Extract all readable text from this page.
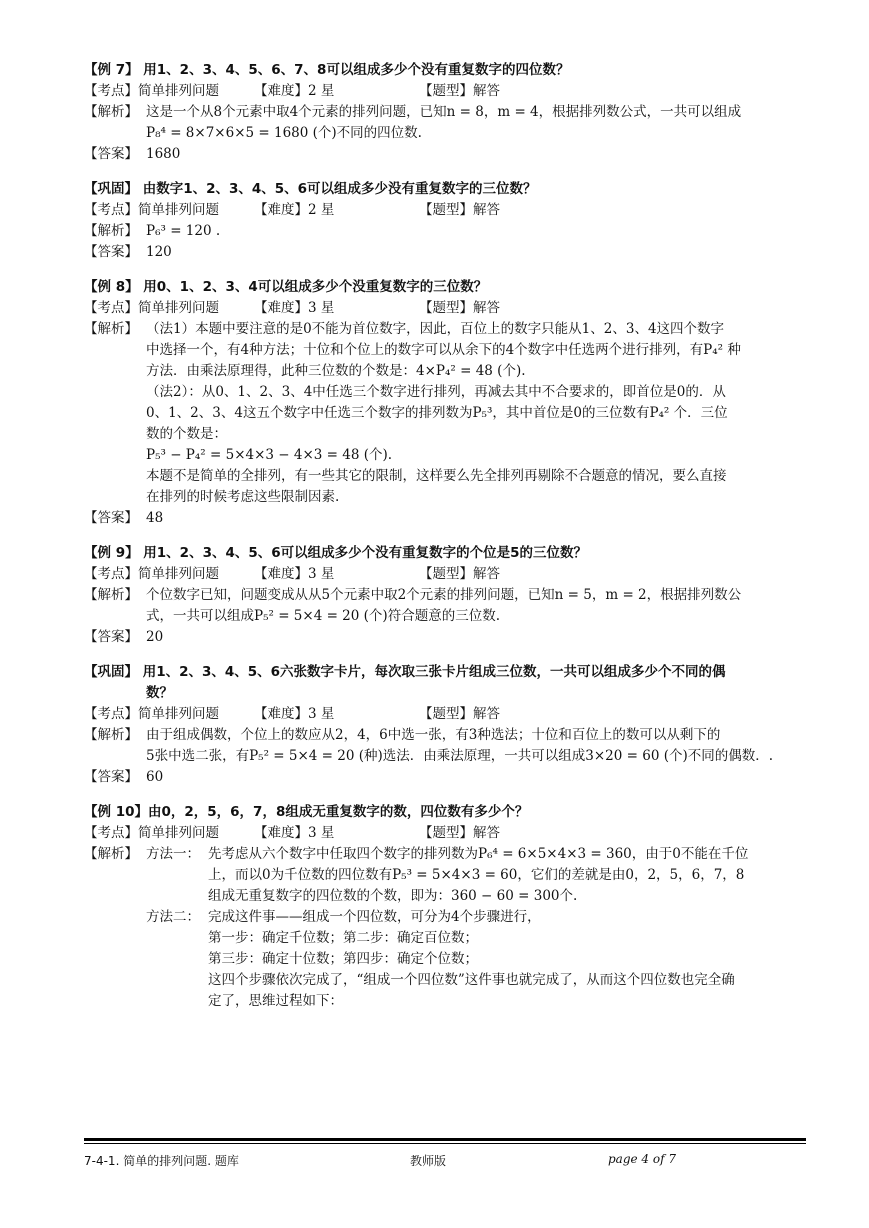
【例 7】 用1、2、3、4、5、6、7、8可以组成多少个没有重复数字的四位数？
【考点】简单排列问题	【难度】2 星	【题型】解答
【解析】 这是一个从8个元素中取4个元素的排列问题，已知n = 8，m = 4，根据排列数公式，一共可以组成
P₈⁴ = 8×7×6×5 = 1680 (个)不同的四位数.
【答案】 1680
【巩固】 由数字1、2、3、4、5、6可以组成多少没有重复数字的三位数？
【考点】简单排列问题	【难度】2 星	【题型】解答
【解析】 P₆³ = 120 .
【答案】 120
【例 8】 用0、1、2、3、4可以组成多少个没重复数字的三位数？
【考点】简单排列问题	【难度】3 星	【题型】解答
【解析】 （法1）本题中要注意的是0不能为首位数字，因此，百位上的数字只能从1、2、3、4这四个数字
中选择一个，有4种方法；十位和个位上的数字可以从余下的4个数字中任选两个进行排列，有P₄² 种
方法．由乘法原理得，此种三位数的个数是：4×P₄² = 48 (个).
（法2）：从0、1、2、3、4中任选三个数字进行排列，再减去其中不合要求的，即首位是0的．从
0、1、2、3、4这五个数字中任选三个数字的排列数为P₅³，其中首位是0的三位数有P₄² 个．三位
数的个数是：
P₅³ − P₄² = 5×4×3 − 4×3 = 48 (个).
本题不是简单的全排列，有一些其它的限制，这样要么先全排列再剔除不合题意的情况，要么直接
在排列的时候考虑这些限制因素.
【答案】 48
【例 9】 用1、2、3、4、5、6可以组成多少个没有重复数字的个位是5的三位数？
【考点】简单排列问题	【难度】3 星	【题型】解答
【解析】 个位数字已知，问题变成从从5个元素中取2个元素的排列问题，已知n = 5，m = 2，根据排列数公
式，一共可以组成P₅² = 5×4 = 20 (个)符合题意的三位数.
【答案】 20
【巩固】 用1、2、3、4、5、6六张数字卡片，每次取三张卡片组成三位数，一共可以组成多少个不同的偶
数？
【考点】简单排列问题	【难度】3 星	【题型】解答
【解析】 由于组成偶数，个位上的数应从2，4，6中选一张，有3种选法；十位和百位上的数可以从剩下的
5张中选二张，有P₅² = 5×4 = 20 (种)选法．由乘法原理，一共可以组成3×20 = 60 (个)不同的偶数．.
【答案】 60
【例 10】由0，2，5，6，7，8组成无重复数字的数，四位数有多少个？
【考点】简单排列问题	【难度】3 星	【题型】解答
【解析】 方法一： 先考虑从六个数字中任取四个数字的排列数为P₆⁴ = 6×5×4×3 = 360，由于0不能在千位
上，而以0为千位数的四位数有P₅³ = 5×4×3 = 60，它们的差就是由0，2，5，6，7，8
组成无重复数字的四位数的个数，即为：360 − 60 = 300个.
方法二： 完成这件事——组成一个四位数，可分为4个步骤进行，
第一步：确定千位数；第二步：确定百位数；
第三步：确定十位数；第四步：确定个位数；
这四个步骤依次完成了，“组成一个四位数”这件事也就完成了，从而这个四位数也完全确
定了，思维过程如下：
7-4-1. 简单的排列问题. 题库	教师版	page 4 of 7
